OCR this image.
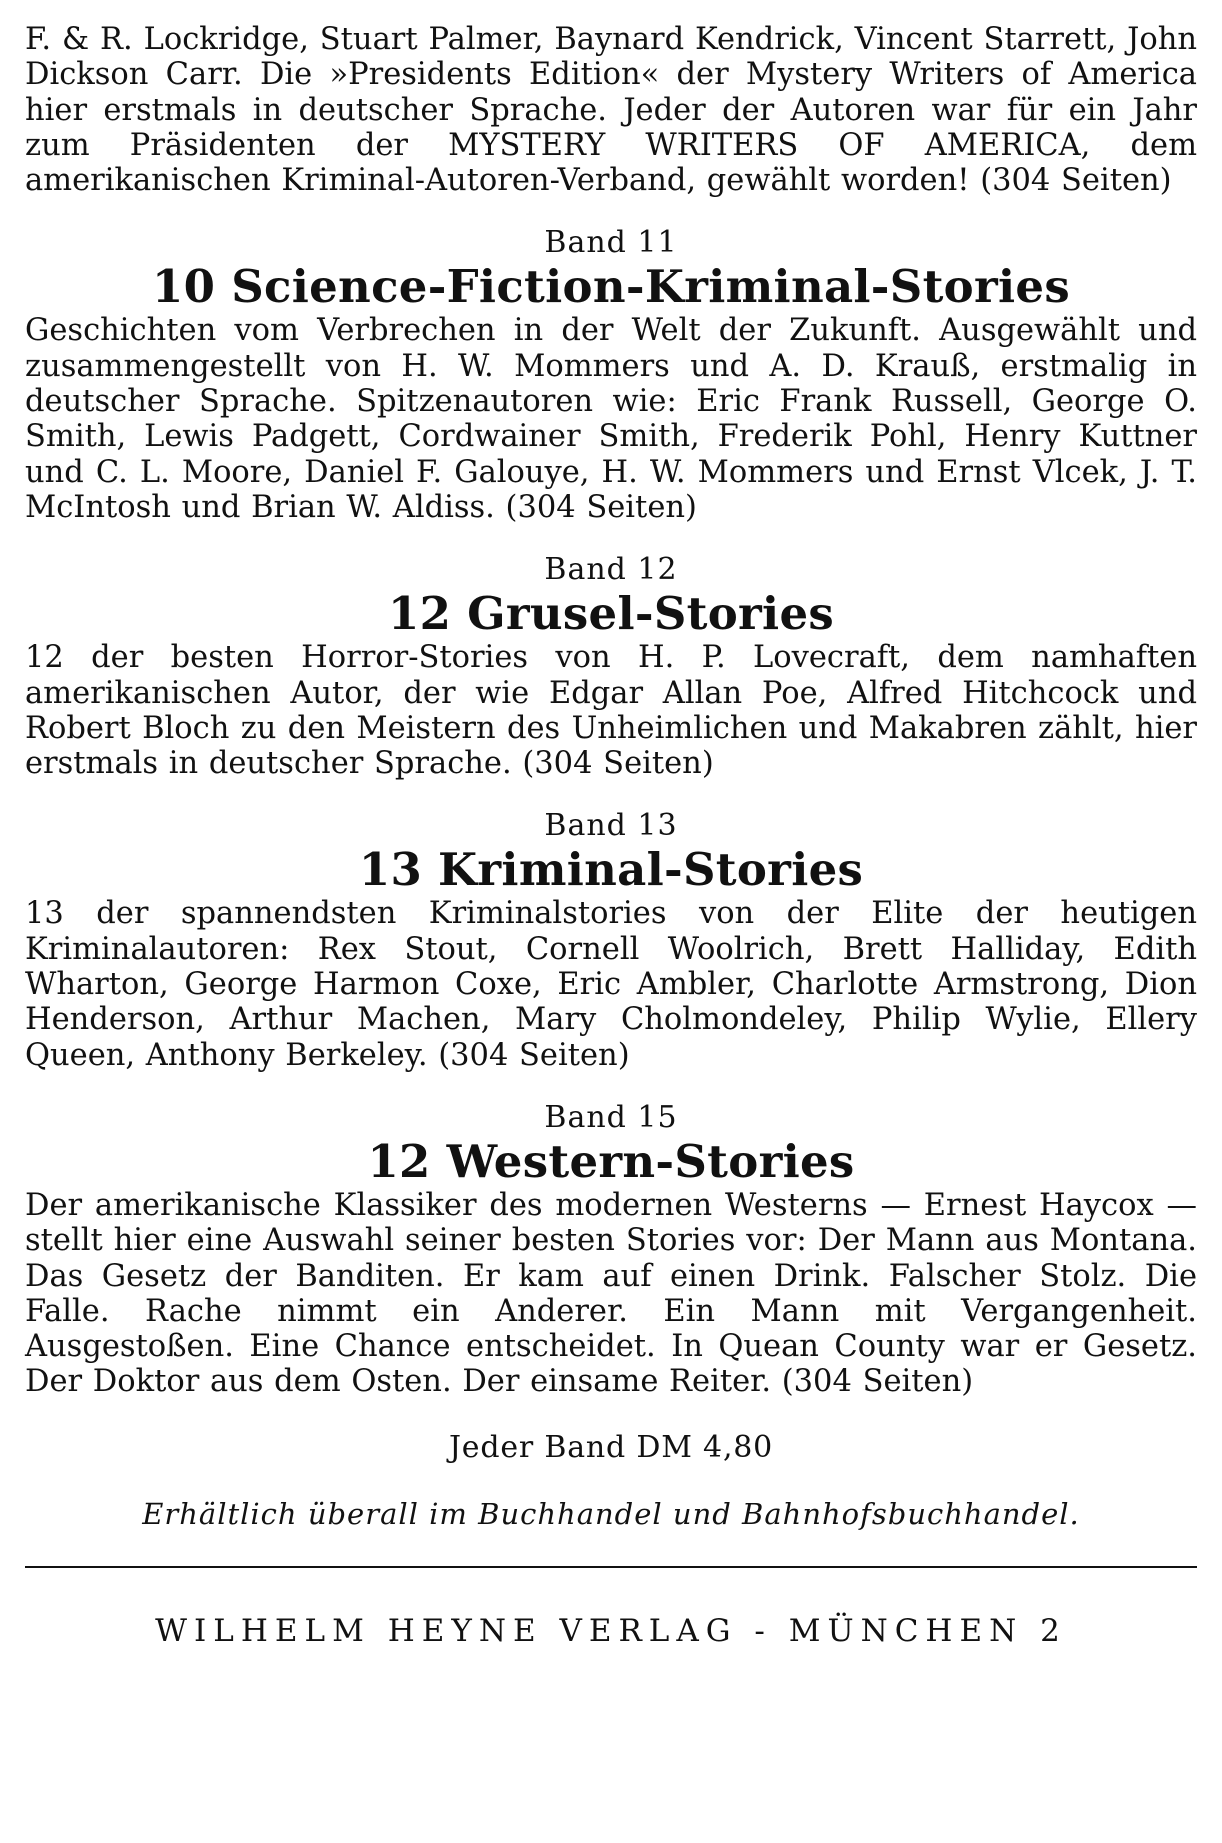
F. & R. Lockridge, Stuart Palmer, Baynard Kendrick, Vincent Starrett, John Dickson Carr. Die »Presidents Edition« der Mystery Writers of America hier erstmals in deutscher Sprache. Jeder der Autoren war für ein Jahr zum Präsidenten der MYSTERY WRITERS OF AMERICA, dem amerikanischen Kriminal-Autoren-Verband, gewählt worden! (304 Seiten)

Band 11

10 Science-Fiction-Kriminal-Stories

Geschichten vom Verbrechen in der Welt der Zukunft. Ausgewählt und zusammengestellt von H. W. Mommers und A. D. Krauß, erstmalig in deutscher Sprache. Spitzenautoren wie: Eric Frank Russell, George O. Smith, Lewis Padgett, Cordwainer Smith, Frederik Pohl, Henry Kuttner und C. L. Moore, Daniel F. Galouye, H. W. Mommers und Ernst Vlcek, J. T. McIntosh und Brian W. Aldiss. (304 Seiten)

Band 12

12 Grusel-Stories

12 der besten Horror-Stories von H. P. Lovecraft, dem namhaften amerikanischen Autor, der wie Edgar Allan Poe, Alfred Hitchcock und Robert Bloch zu den Meistern des Unheimlichen und Makabren zählt, hier erstmals in deutscher Sprache. (304 Seiten)

Band 13

13 Kriminal-Stories

13 der spannendsten Kriminalstories von der Elite der heutigen Kriminalautoren: Rex Stout, Cornell Woolrich, Brett Halliday, Edith Wharton, George Harmon Coxe, Eric Ambler, Charlotte Armstrong, Dion Henderson, Arthur Machen, Mary Cholmondeley, Philip Wylie, Ellery Queen, Anthony Berkeley. (304 Seiten)

Band 15

12 Western-Stories

Der amerikanische Klassiker des modernen Westerns — Ernest Haycox — stellt hier eine Auswahl seiner besten Stories vor: Der Mann aus Montana. Das Gesetz der Banditen. Er kam auf einen Drink. Falscher Stolz. Die Falle. Rache nimmt ein Anderer. Ein Mann mit Vergangenheit. Ausgestoßen. Eine Chance entscheidet. In Quean County war er Gesetz. Der Doktor aus dem Osten. Der einsame Reiter. (304 Seiten)

Jeder Band DM 4,80

Erhältlich überall im Buchhandel und Bahnhofsbuchhandel.

WILHELM HEYNE VERLAG - MÜNCHEN 2
